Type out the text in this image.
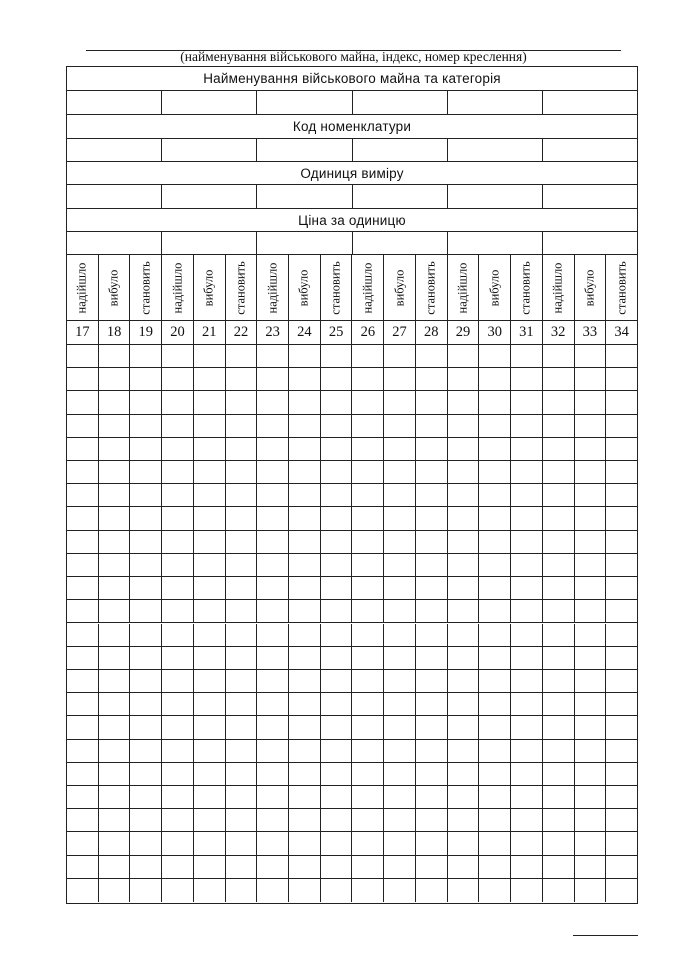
(найменування військового майна, індекс, номер креслення)
Найменування військового майна та категорія
Код номенклатури
Одиниця виміру
Ціна за одиницю
надійшло вибуло становить надійшло вибуло становить надійшло вибуло становить надійшло вибуло становить надійшло вибуло становить надійшло вибуло становить
17	18	19	20	21	22	23	24	25	26	27	28	29	30	31	32	33	34
